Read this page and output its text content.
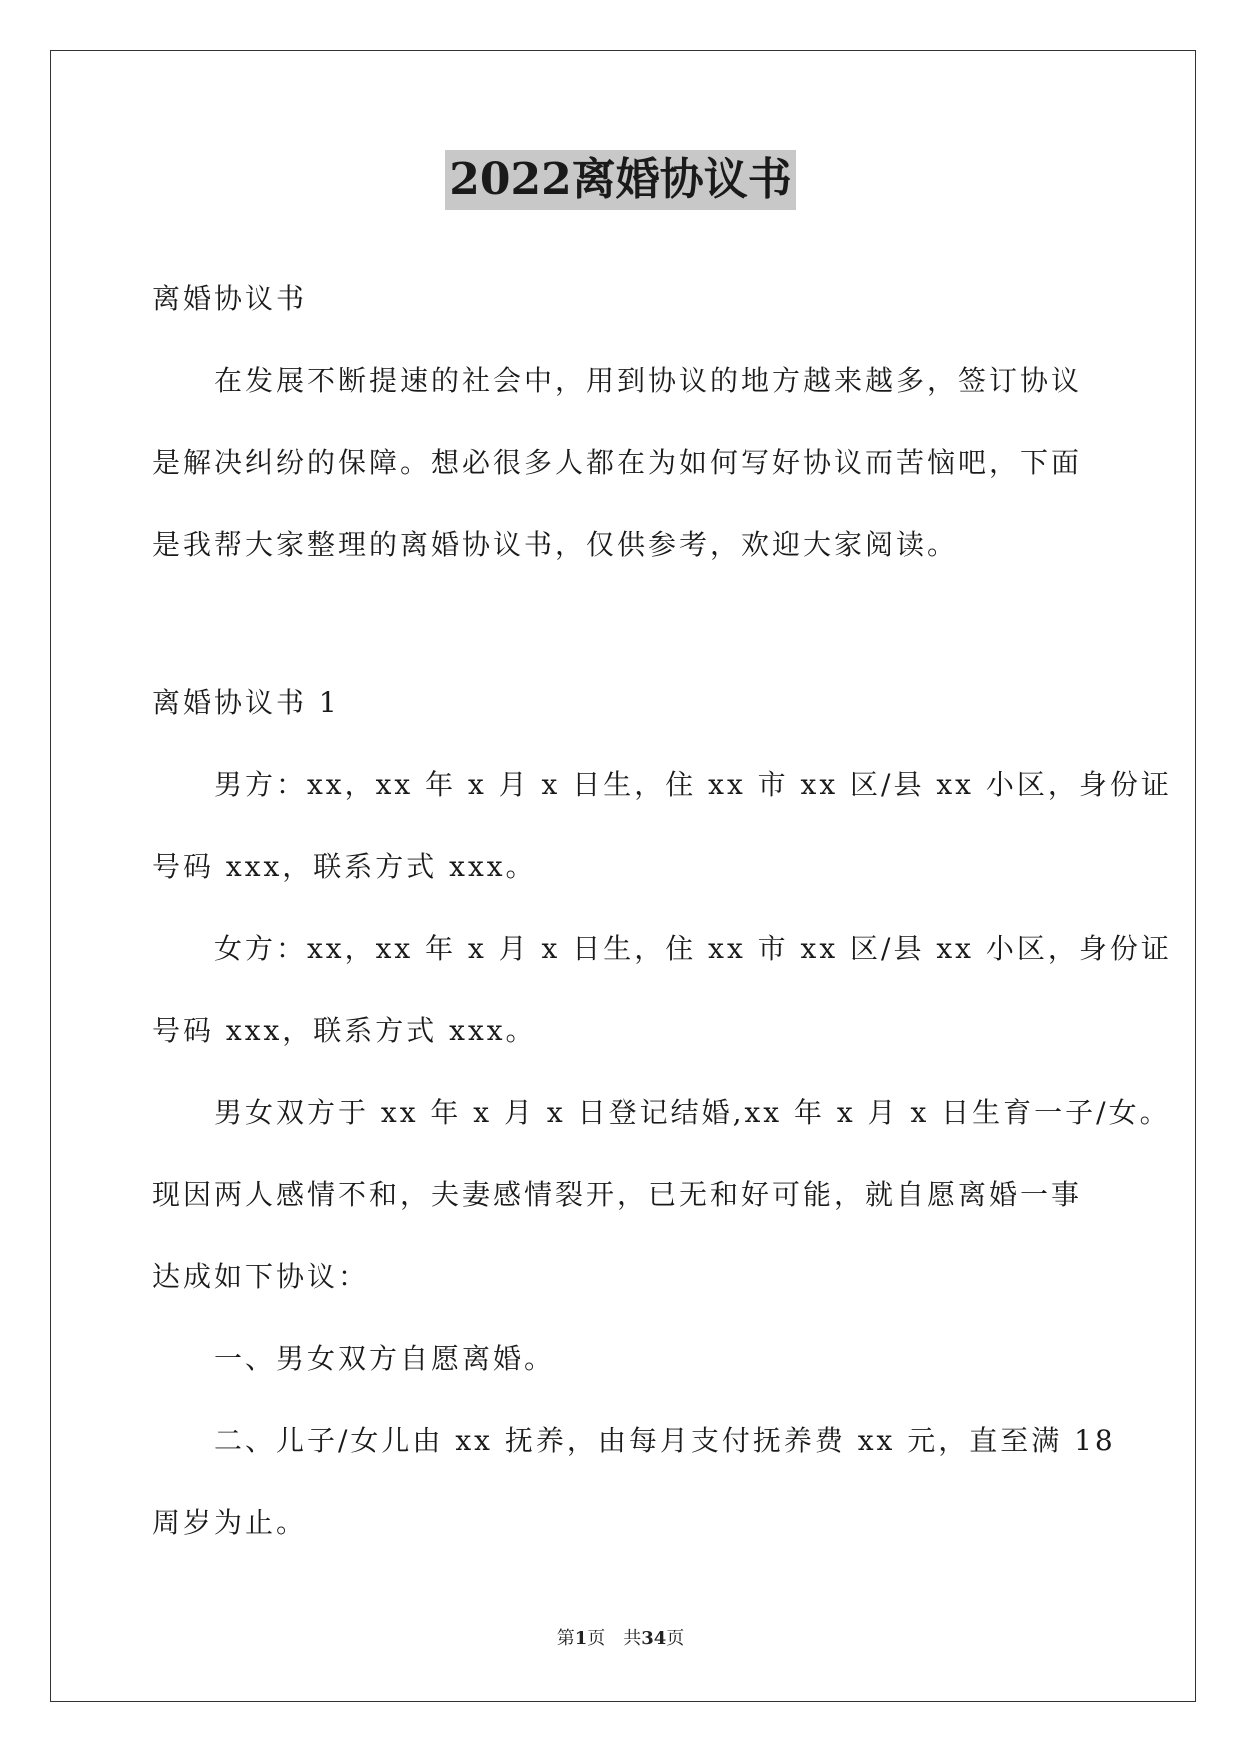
2022离婚协议书

离婚协议书

在发展不断提速的社会中，用到协议的地方越来越多，签订协议

是解决纠纷的保障。想必很多人都在为如何写好协议而苦恼吧，下面

是我帮大家整理的离婚协议书，仅供参考，欢迎大家阅读。

离婚协议书 1

男方：xx，xx 年 x 月 x 日生，住 xx 市 xx 区/县 xx 小区，身份证

号码 xxx，联系方式 xxx。

女方：xx，xx 年 x 月 x 日生，住 xx 市 xx 区/县 xx 小区，身份证

号码 xxx，联系方式 xxx。

男女双方于 xx 年 x 月 x 日登记结婚,xx 年 x 月 x 日生育一子/女。

现因两人感情不和，夫妻感情裂开，已无和好可能，就自愿离婚一事

达成如下协议：

一、男女双方自愿离婚。

二、儿子/女儿由 xx 抚养，由每月支付抚养费 xx 元，直至满 18

周岁为止。

第1页 共34页
